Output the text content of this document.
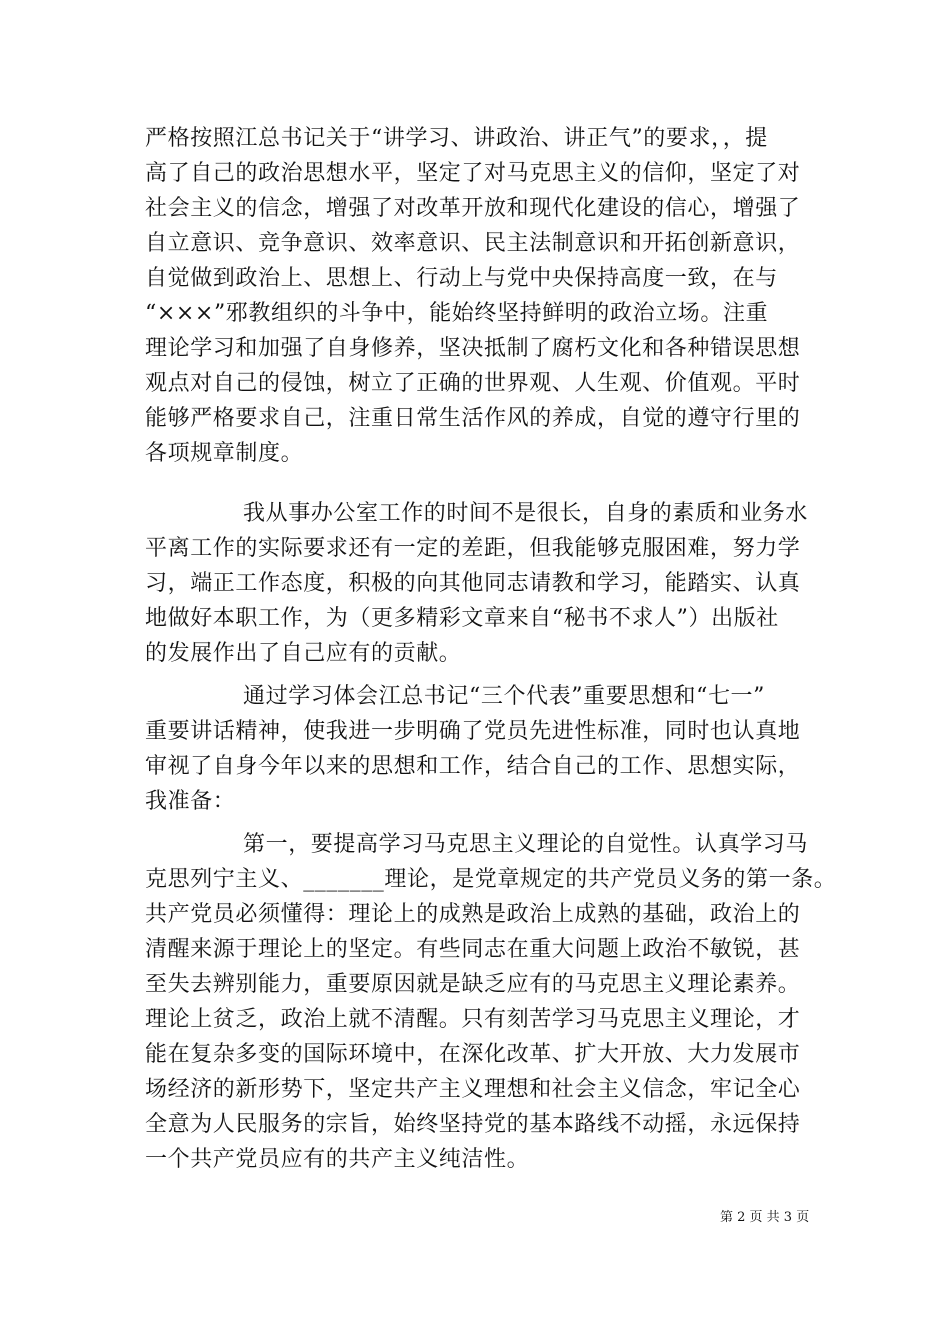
严格按照江总书记关于“讲学习、讲政治、讲正气”的要求，，提
高了自己的政治思想水平，坚定了对马克思主义的信仰，坚定了对
社会主义的信念，增强了对改革开放和现代化建设的信心，增强了
自立意识、竞争意识、效率意识、民主法制意识和开拓创新意识，
自觉做到政治上、思想上、行动上与党中央保持高度一致，在与
“×××”邪教组织的斗争中，能始终坚持鲜明的政治立场。注重
理论学习和加强了自身修养，坚决抵制了腐朽文化和各种错误思想
观点对自己的侵蚀，树立了正确的世界观、人生观、价值观。平时
能够严格要求自己，注重日常生活作风的养成，自觉的遵守行里的
各项规章制度。
我从事办公室工作的时间不是很长，自身的素质和业务水
平离工作的实际要求还有一定的差距，但我能够克服困难，努力学
习，端正工作态度，积极的向其他同志请教和学习，能踏实、认真
地做好本职工作，为（更多精彩文章来自“秘书不求人”）出版社
的发展作出了自己应有的贡献。
通过学习体会江总书记“三个代表”重要思想和“七一”
重要讲话精神，使我进一步明确了党员先进性标准，同时也认真地
审视了自身今年以来的思想和工作，结合自己的工作、思想实际，
我准备：
第一，要提高学习马克思主义理论的自觉性。认真学习马
克思列宁主义、_______理论，是党章规定的共产党员义务的第一条。
共产党员必须懂得：理论上的成熟是政治上成熟的基础，政治上的
清醒来源于理论上的坚定。有些同志在重大问题上政治不敏锐，甚
至失去辨别能力，重要原因就是缺乏应有的马克思主义理论素养。
理论上贫乏，政治上就不清醒。只有刻苦学习马克思主义理论，才
能在复杂多变的国际环境中，在深化改革、扩大开放、大力发展市
场经济的新形势下，坚定共产主义理想和社会主义信念，牢记全心
全意为人民服务的宗旨，始终坚持党的基本路线不动摇，永远保持
一个共产党员应有的共产主义纯洁性。
第 2 页 共 3 页
